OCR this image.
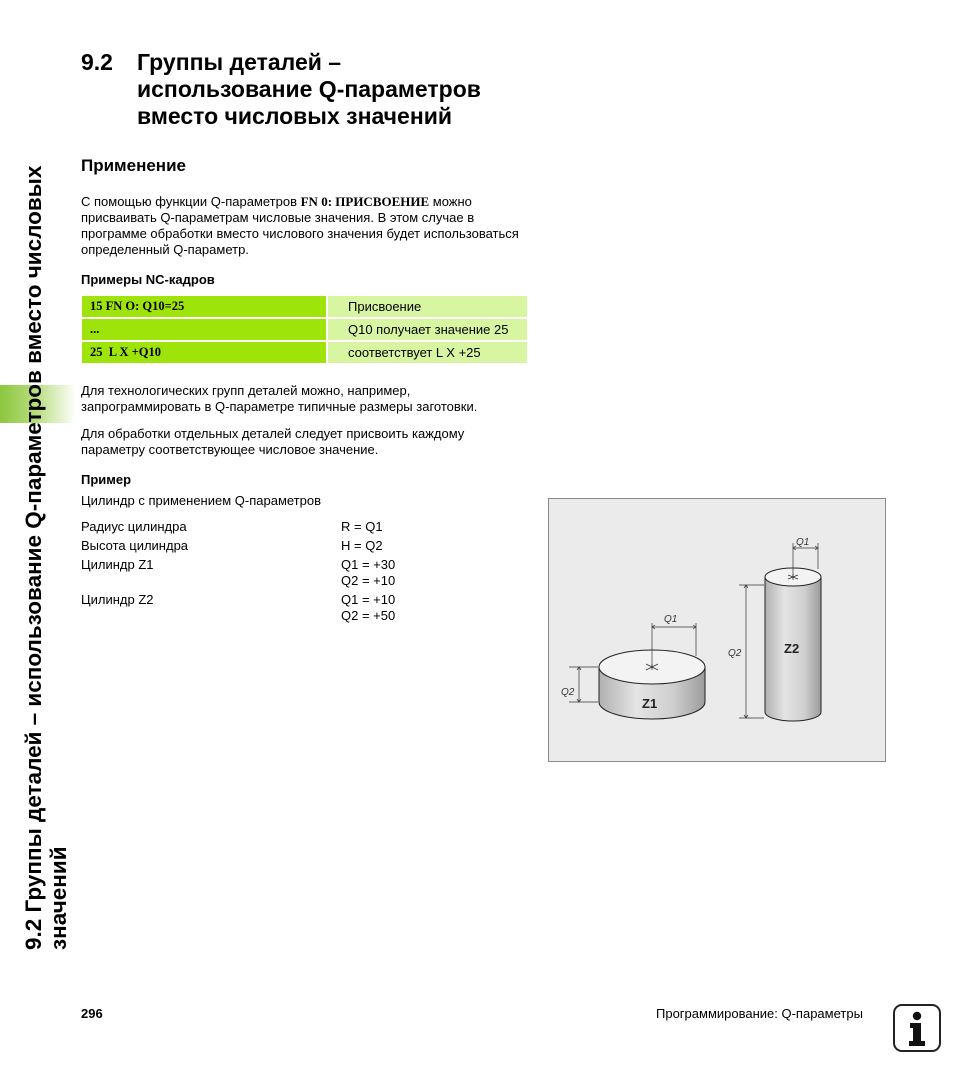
9.2 Группы деталей – использование Q-параметров вместо числовых
значений
9.2 Группы деталей –
использование Q-параметров
вместо числовых значений
Применение
С помощью функции Q-параметров FN 0: ПРИСВОЕНИЕ можно присваивать Q-параметрам числовые значения. В этом случае в программе обработки вместо числового значения будет использоваться определенный Q-параметр.
Примеры NC-кадров
15 FN O: Q10=25		Присвоение
...		Q10 получает значение 25
25  L X +Q10		соответствует L X +25
Для технологических групп деталей можно, например, запрограммировать в Q-параметре типичные размеры заготовки.
Для обработки отдельных деталей следует присвоить каждому параметру соответствующее числовое значение.
Пример
Цилиндр с применением Q-параметров
Радиус цилиндра	R = Q1
Высота цилиндра	H = Q2
Цилиндр Z1	Q1 = +30
Q2 = +10
Цилиндр Z2	Q1 = +10
Q2 = +50
Z1
Q1
Q2
Z2
Q1
Q2
296	Программирование: Q-параметры
